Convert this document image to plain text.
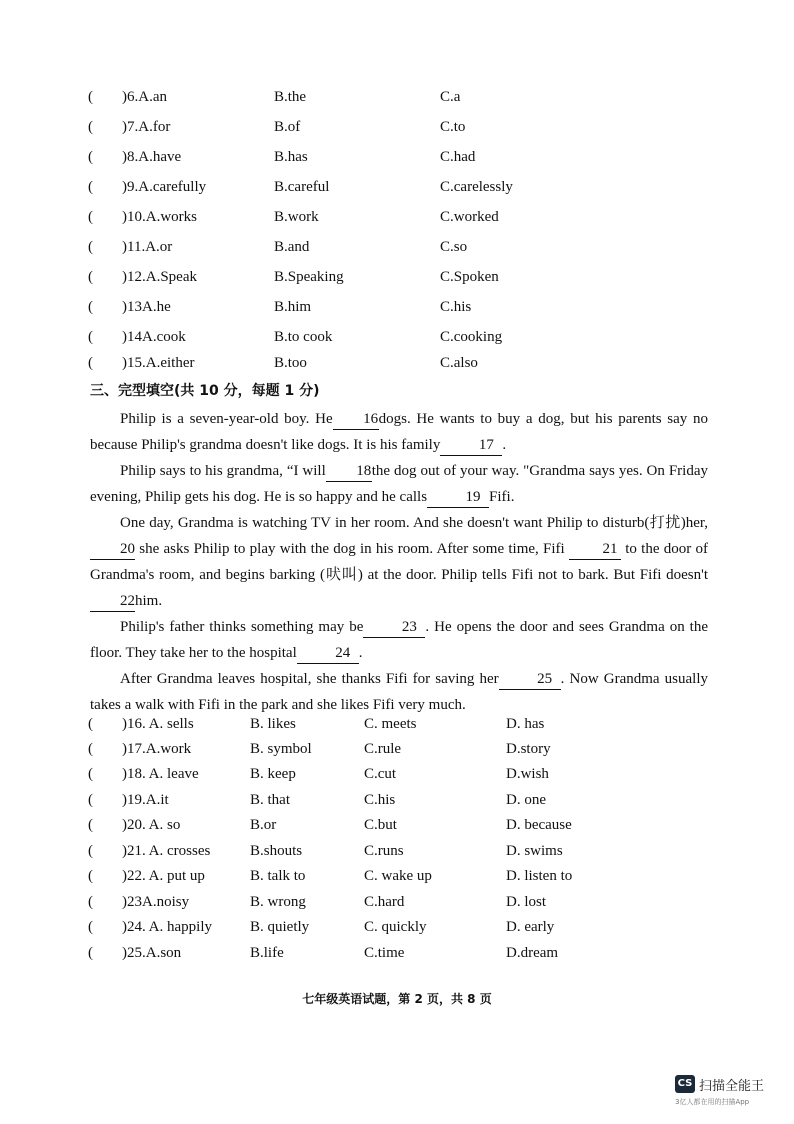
( )6.A.an	B.the	C.a
( )7.A.for	B.of	C.to
( )8.A.have	B.has	C.had
( )9.A.carefully	B.careful	C.carelessly
( )10.A.works	B.work	C.worked
( )11.A.or	B.and	C.so
( )12.A.Speak	B.Speaking	C.Spoken
( )13A.he	B.him	C.his
( )14A.cook	B.to cook	C.cooking
( )15.A.either	B.too	C.also
三、完型填空(共 10 分，每题 1 分)

Philip is a seven-year-old boy. He 16dogs. He wants to buy a dog, but his parents say no because Philip's grandma doesn't like dogs. It is his family	17 .

Philip says to his grandma, “I will 18the dog out of your way. "Grandma says yes. On Friday evening, Philip gets his dog. He is so happy and he calls	19 Fifi.

One day, Grandma is watching TV in her room. And she doesn't want Philip to disturb(打扰)her,20 she asks Philip to play with the dog in his room. After some time, Fifi	21 to the door of Grandma's room, and begins barking (吠叫) at the door. Philip tells Fifi not to bark. But Fifi doesn't 22him.

Philip's father thinks something may be	23 . He opens the door and sees Grandma on the floor. They take her to the hospital	24 .

After Grandma leaves hospital, she thanks Fifi for saving her	25 . Now Grandma usually takes a walk with Fifi in the park and she likes Fifi very much.

( )16. A. sells	B. likes	C. meets	D. has
( )17.A.work	B. symbol	C.rule	D.story
( )18. A. leave	B. keep	C.cut	D.wish
( )19.A.it	B. that	C.his	D. one
( )20. A. so	B.or	C.but	D. because
( )21. A. crosses	B.shouts	C.runs	D. swims
( )22. A. put up	B. talk to	C. wake up	D. listen to
( )23A.noisy	B. wrong	C.hard	D. lost
( )24. A. happily	B. quietly	C. quickly	D. early
( )25.A.son	B.life	C.time	D.dream
七年级英语试题，第 2 页，共 8 页
CS 扫描全能王
3亿人都在用的扫描App
